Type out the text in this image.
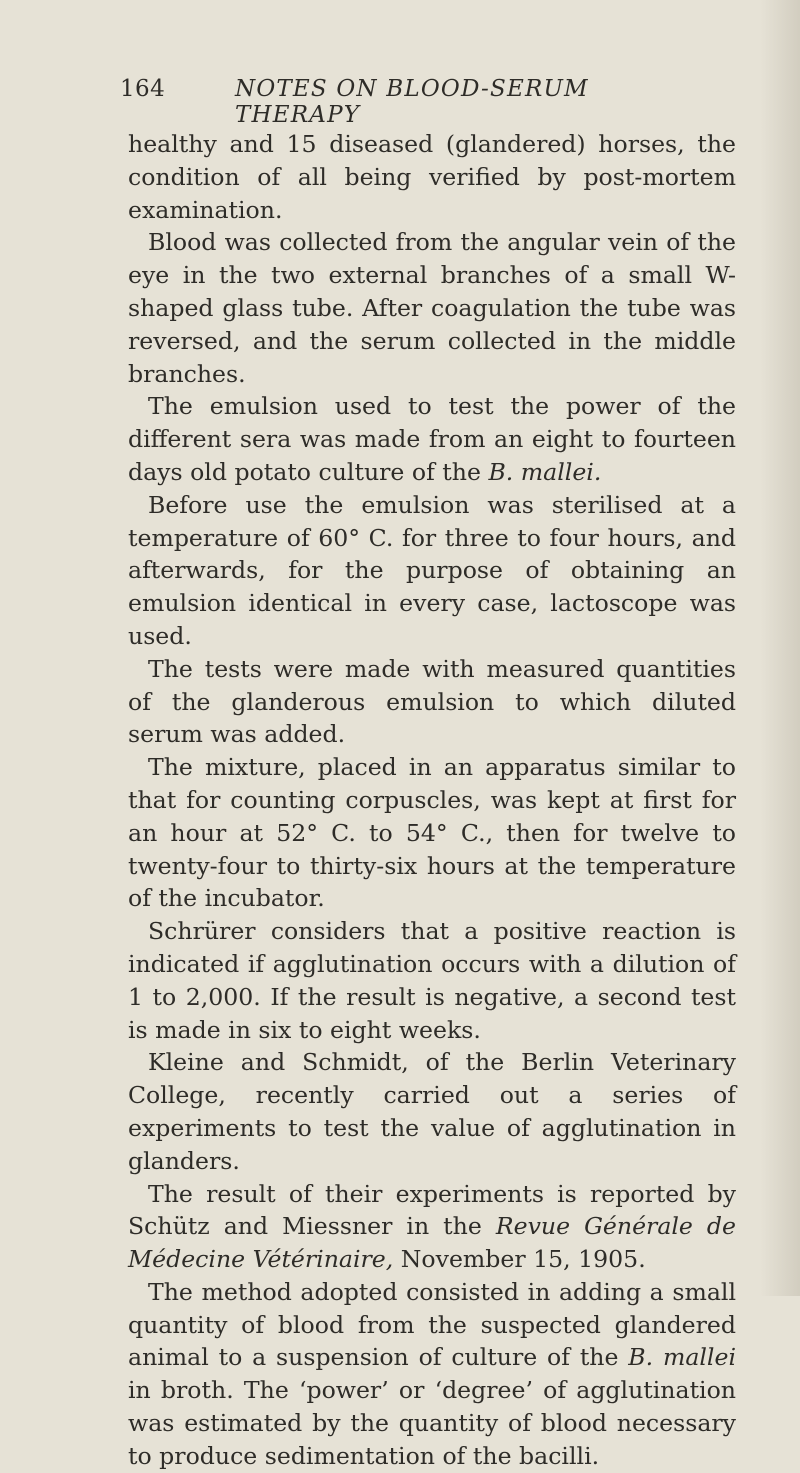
164	NOTES ON BLOOD-SERUM THERAPY

healthy and 15 diseased (glandered) horses, the condition of all being verified by post-mortem examination.

Blood was collected from the angular vein of the eye in the two external branches of a small W-shaped glass tube. After coagulation the tube was reversed, and the serum collected in the middle branches.

The emulsion used to test the power of the different sera was made from an eight to fourteen days old potato culture of the B. mallei.

Before use the emulsion was sterilised at a temperature of 60° C. for three to four hours, and afterwards, for the purpose of obtaining an emulsion identical in every case, lactoscope was used.

The tests were made with measured quantities of the glanderous emulsion to which diluted serum was added.

The mixture, placed in an apparatus similar to that for counting corpuscles, was kept at first for an hour at 52° C. to 54° C., then for twelve to twenty-four to thirty-six hours at the temperature of the incubator.

Schrürer considers that a positive reaction is indicated if agglutination occurs with a dilution of 1 to 2,000. If the result is negative, a second test is made in six to eight weeks.

Kleine and Schmidt, of the Berlin Veterinary College, recently carried out a series of experiments to test the value of agglutination in glanders.

The result of their experiments is reported by Schütz and Miessner in the Revue Générale de Médecine Vétérinaire, November 15, 1905.

The method adopted consisted in adding a small quantity of blood from the suspected glandered animal to a suspension of culture of the B. mallei in broth. The ‘power’ or ‘degree’ of agglutination was estimated by the quantity of blood necessary to produce sedimentation of the bacilli.
